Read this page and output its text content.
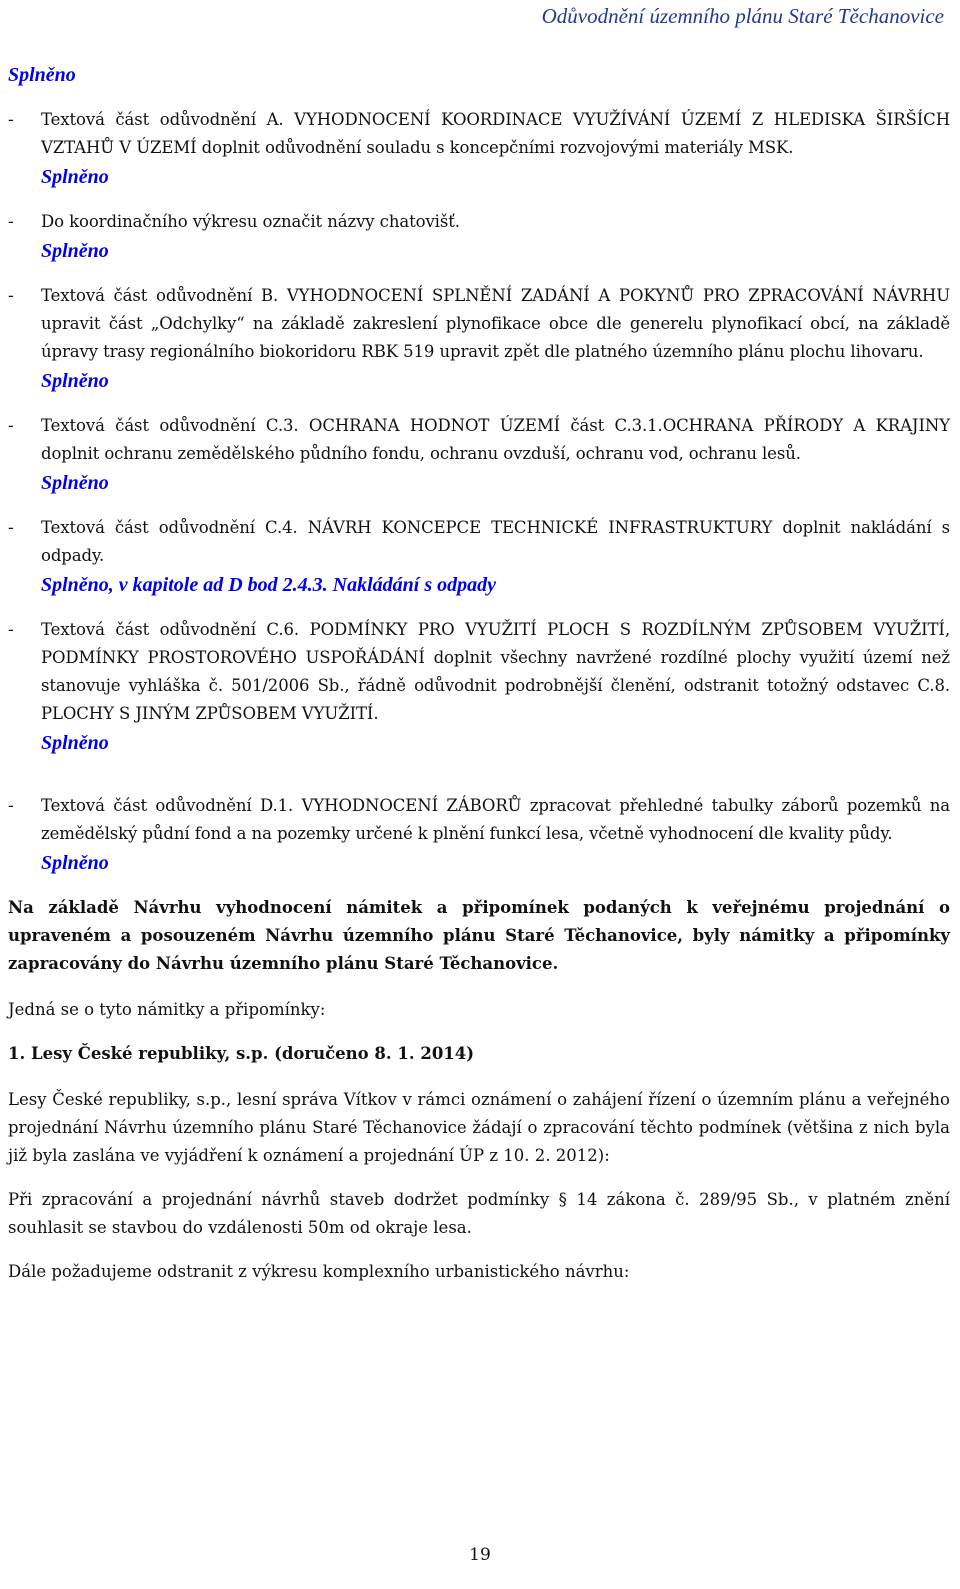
Odůvodnění územního plánu Staré Těchanovice
Splněno
-	Textová část odůvodnění A. VYHODNOCENÍ KOORDINACE VYUŽÍVÁNÍ ÚZEMÍ Z HLEDISKA ŠIRŠÍCH VZTAHŮ V ÚZEMÍ doplnit odůvodnění souladu s koncepčními rozvojovými materiály MSK.
Splněno
-	Do koordinačního výkresu označit názvy chatovišť.
Splněno
-	Textová část odůvodnění B. VYHODNOCENÍ SPLNĚNÍ ZADÁNÍ A POKYNŮ PRO ZPRACOVÁNÍ NÁVRHU upravit část „Odchylky“ na základě zakreslení plynofikace obce dle generelu plynofikací obcí, na základě úpravy trasy regionálního biokoridoru RBK 519 upravit zpět dle platného územního plánu plochu lihovaru.
Splněno
-	Textová část odůvodnění C.3. OCHRANA HODNOT ÚZEMÍ část C.3.1.OCHRANA PŘÍRODY A KRAJINY doplnit ochranu zemědělského půdního fondu, ochranu ovzduší, ochranu vod, ochranu lesů.
Splněno
-	Textová část odůvodnění C.4. NÁVRH KONCEPCE TECHNICKÉ INFRASTRUKTURY doplnit nakládání s odpady.
Splněno, v kapitole ad D bod 2.4.3. Nakládání s odpady
-	Textová část odůvodnění C.6. PODMÍNKY PRO VYUŽITÍ PLOCH S ROZDÍLNÝM ZPŮSOBEM VYUŽITÍ, PODMÍNKY PROSTOROVÉHO USPOŘÁDÁNÍ doplnit všechny navržené rozdílné plochy využití území než stanovuje vyhláška č. 501/2006 Sb., řádně odůvodnit podrobnější členění, odstranit totožný odstavec C.8. PLOCHY S JINÝM ZPŮSOBEM VYUŽITÍ.
Splněno
-	Textová část odůvodnění D.1. VYHODNOCENÍ ZÁBORŮ zpracovat přehledné tabulky záborů pozemků na zemědělský půdní fond a na pozemky určené k plnění funkcí lesa, včetně vyhodnocení dle kvality půdy.
Splněno
Na základě Návrhu vyhodnocení námitek a připomínek podaných k veřejnému projednání o upraveném a posouzeném Návrhu územního plánu Staré Těchanovice, byly námitky a připomínky zapracovány do Návrhu územního plánu Staré Těchanovice.
Jedná se o tyto námitky a připomínky:
1. Lesy České republiky, s.p. (doručeno 8. 1. 2014)
Lesy České republiky, s.p., lesní správa Vítkov v rámci oznámení o zahájení řízení o územním plánu a veřejného projednání Návrhu územního plánu Staré Těchanovice žádají o zpracování těchto podmínek (většina z nich byla již byla zaslána ve vyjádření k oznámení a projednání ÚP z 10. 2. 2012):
Při zpracování a projednání návrhů staveb dodržet podmínky § 14 zákona č. 289/95 Sb., v platném znění souhlasit se stavbou do vzdálenosti 50m od okraje lesa.
Dále požadujeme odstranit z výkresu komplexního urbanistického návrhu:
19
